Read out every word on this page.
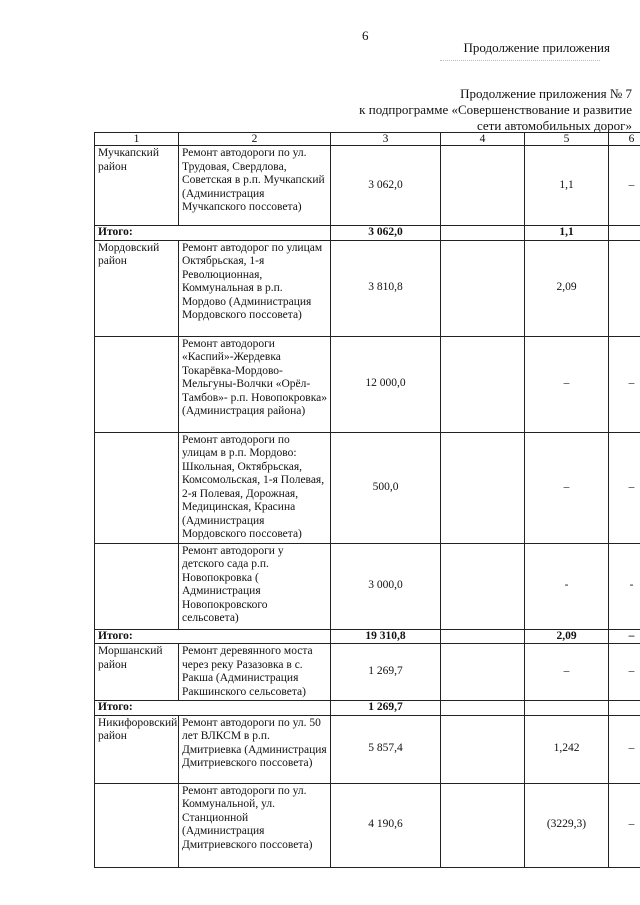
6
Продолжение приложения
Продолжение приложения № 7
к подпрограмме «Совершенствование и развитие
сети автомобильных дорог»
1	2	3	4	5	6
Мучкапский район	Ремонт автодороги по ул. Трудовая, Свердлова, Советская в р.п. Мучкапский (Администрация Мучкапского поссовета)	3 062,0		1,1	–
Итого:		3 062,0		1,1	
Мордовский район	Ремонт автодорог по улицам Октябрьская, 1-я Революционная, Коммунальная в р.п. Мордово (Администрация Мордовского поссовета)	3 810,8		2,09	
	Ремонт автодороги «Каспий»-Жердевка Токарёвка-Мордово-Мельгуны-Волчки «Орёл-Тамбов»- р.п. Новопокровка» (Администрация района)	12 000,0		–	–
	Ремонт автодороги по улицам в р.п. Мордово: Школьная, Октябрьская, Комсомольская, 1-я Полевая, 2-я Полевая, Дорожная, Медицинская, Красина (Администрация Мордовского поссовета)	500,0		–	–
	Ремонт автодороги у детского сада р.п. Новопокровка ( Администрация Новопокровского сельсовета)	3 000,0		-	-
Итого:		19 310,8		2,09	–
Моршанский район	Ремонт деревянного моста через реку Разазовка в с. Ракша (Администрация Ракшинского сельсовета)	1 269,7		–	–
Итого:		1 269,7			
Никифоровский район	Ремонт автодороги по ул. 50 лет ВЛКСМ в р.п. Дмитриевка (Администрация Дмитриевского поссовета)	5 857,4		1,242	–
	Ремонт автодороги по ул. Коммунальной, ул. Станционной (Администрация Дмитриевского поссовета)	4 190,6		(3229,3)	–
